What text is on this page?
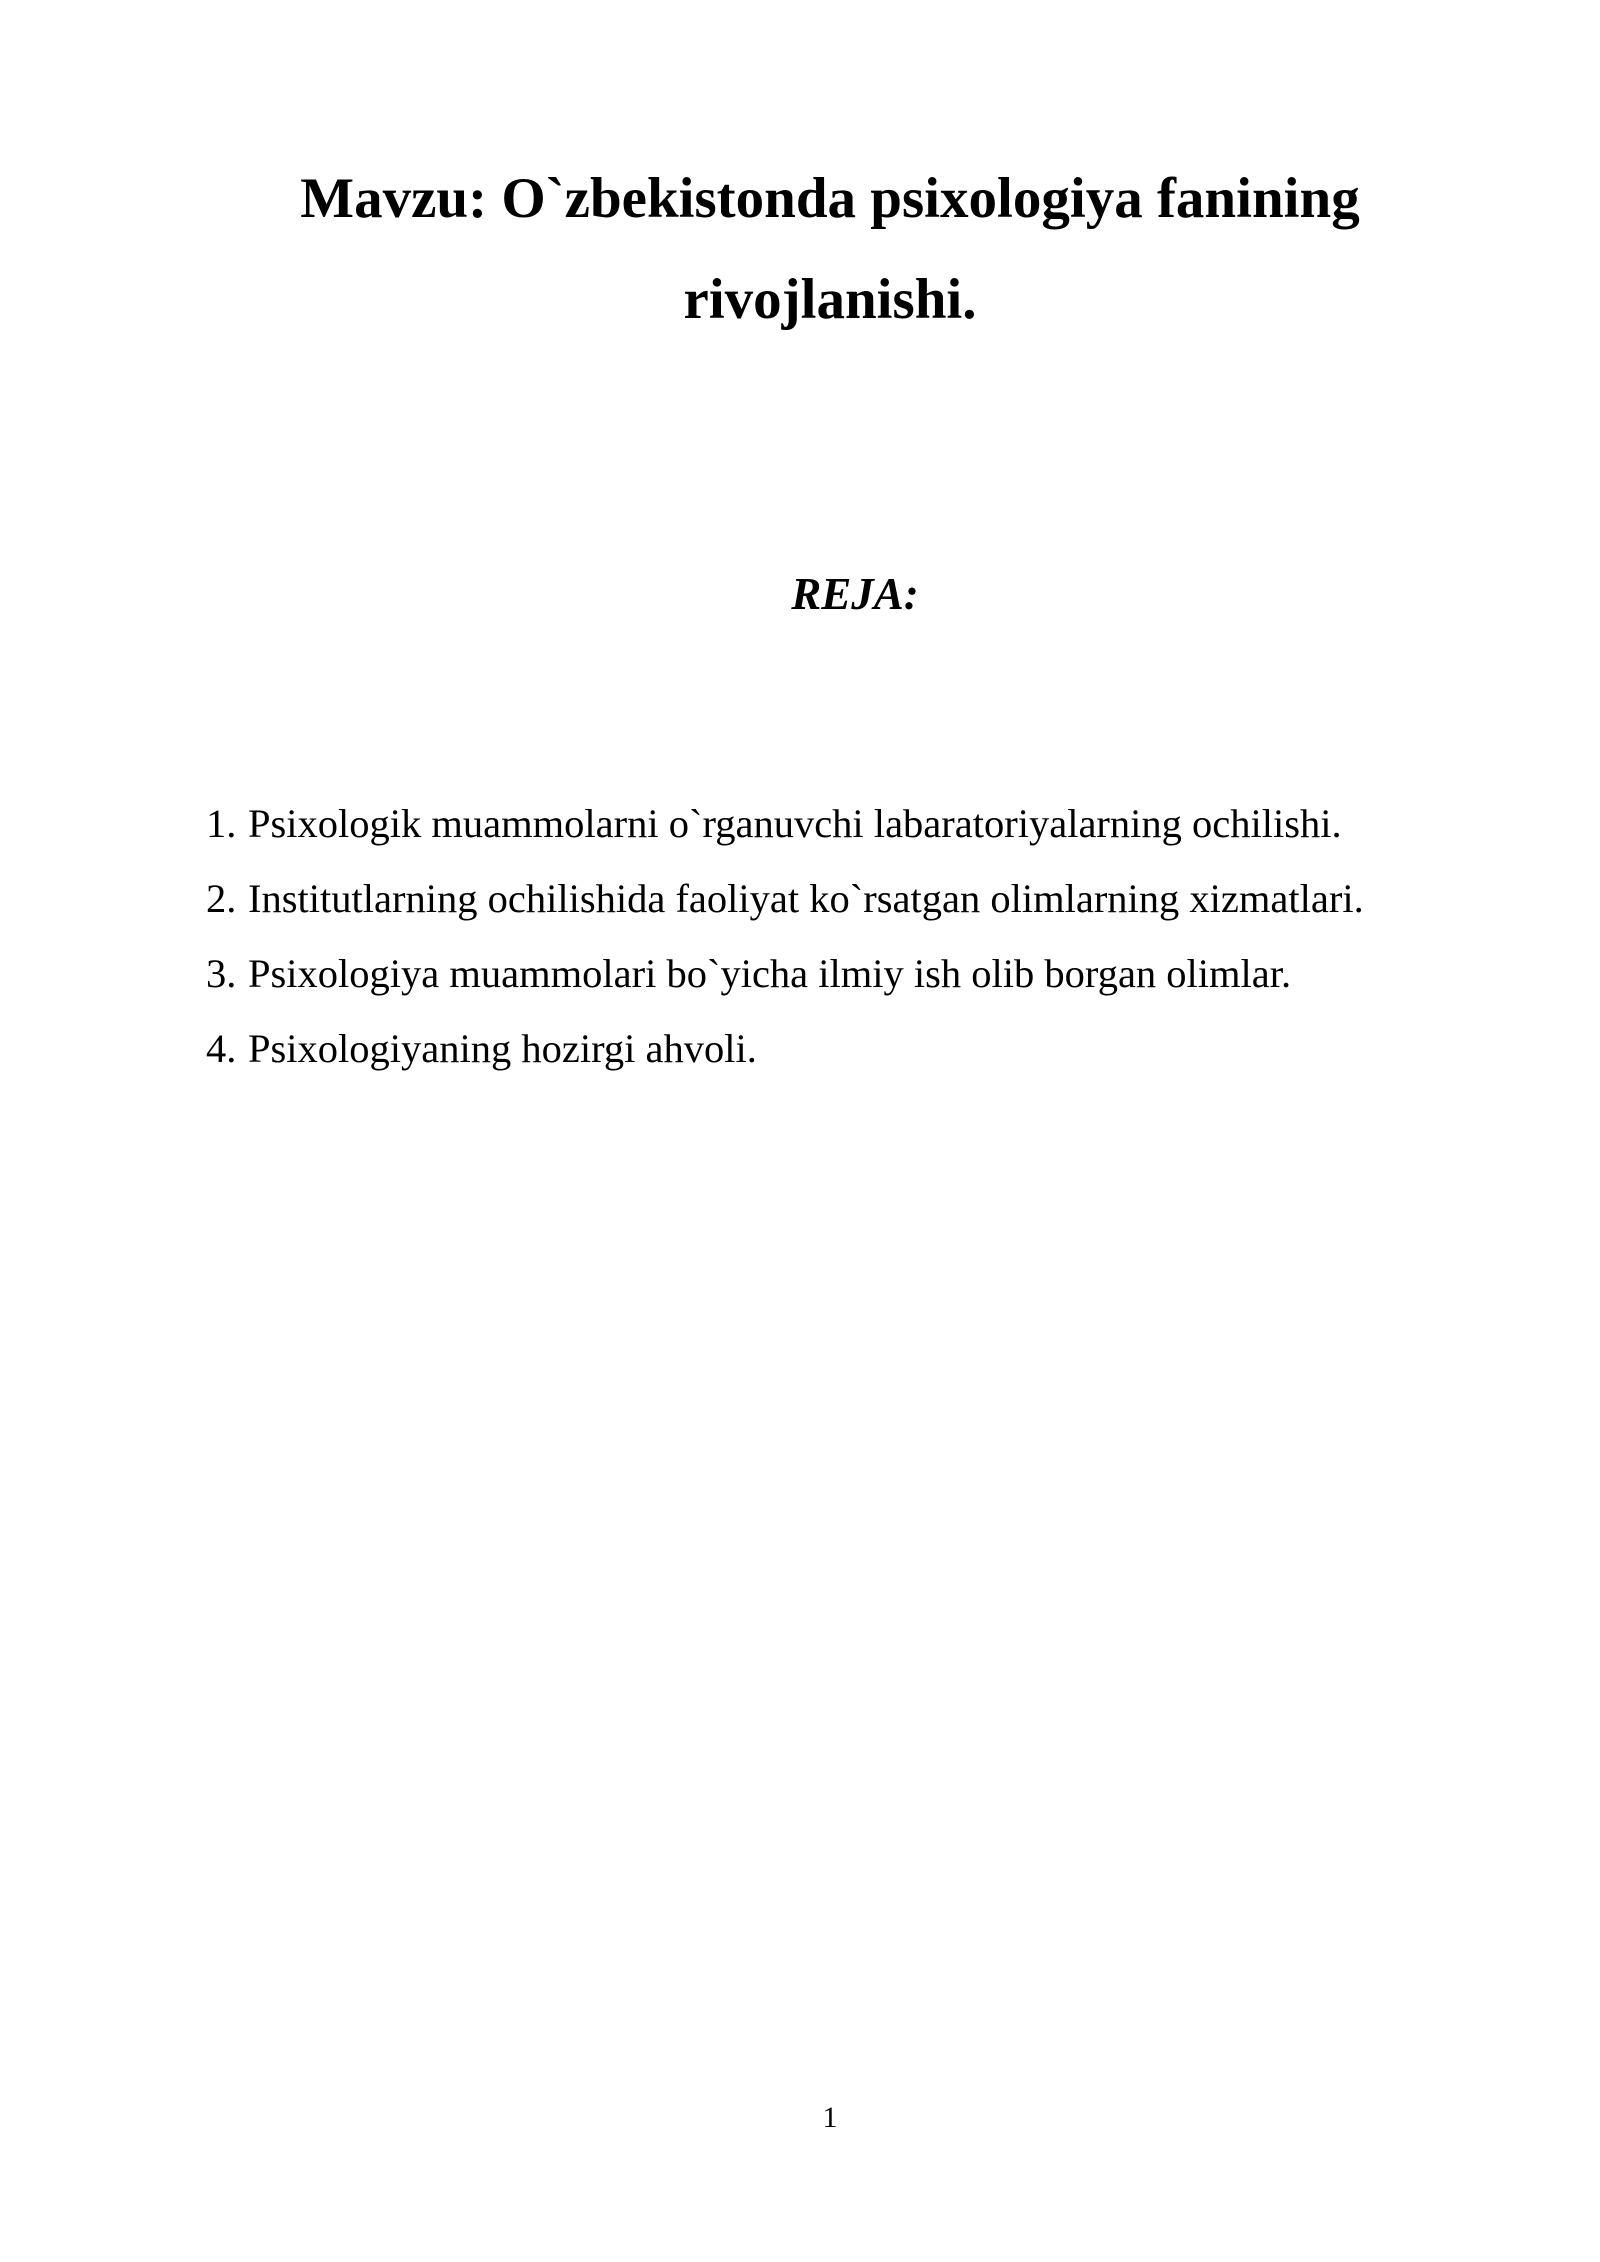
Mavzu: O`zbekistonda psixologiya fanining
rivojlanishi.
REJA:
1. Psixologik muammolarni o`rganuvchi labaratoriyalarning ochilishi.
2. Institutlarning ochilishida faoliyat ko`rsatgan olimlarning xizmatlari.
3. Psixologiya muammolari bo`yicha ilmiy ish olib borgan olimlar.
4. Psixologiyaning hozirgi ahvoli.
1
